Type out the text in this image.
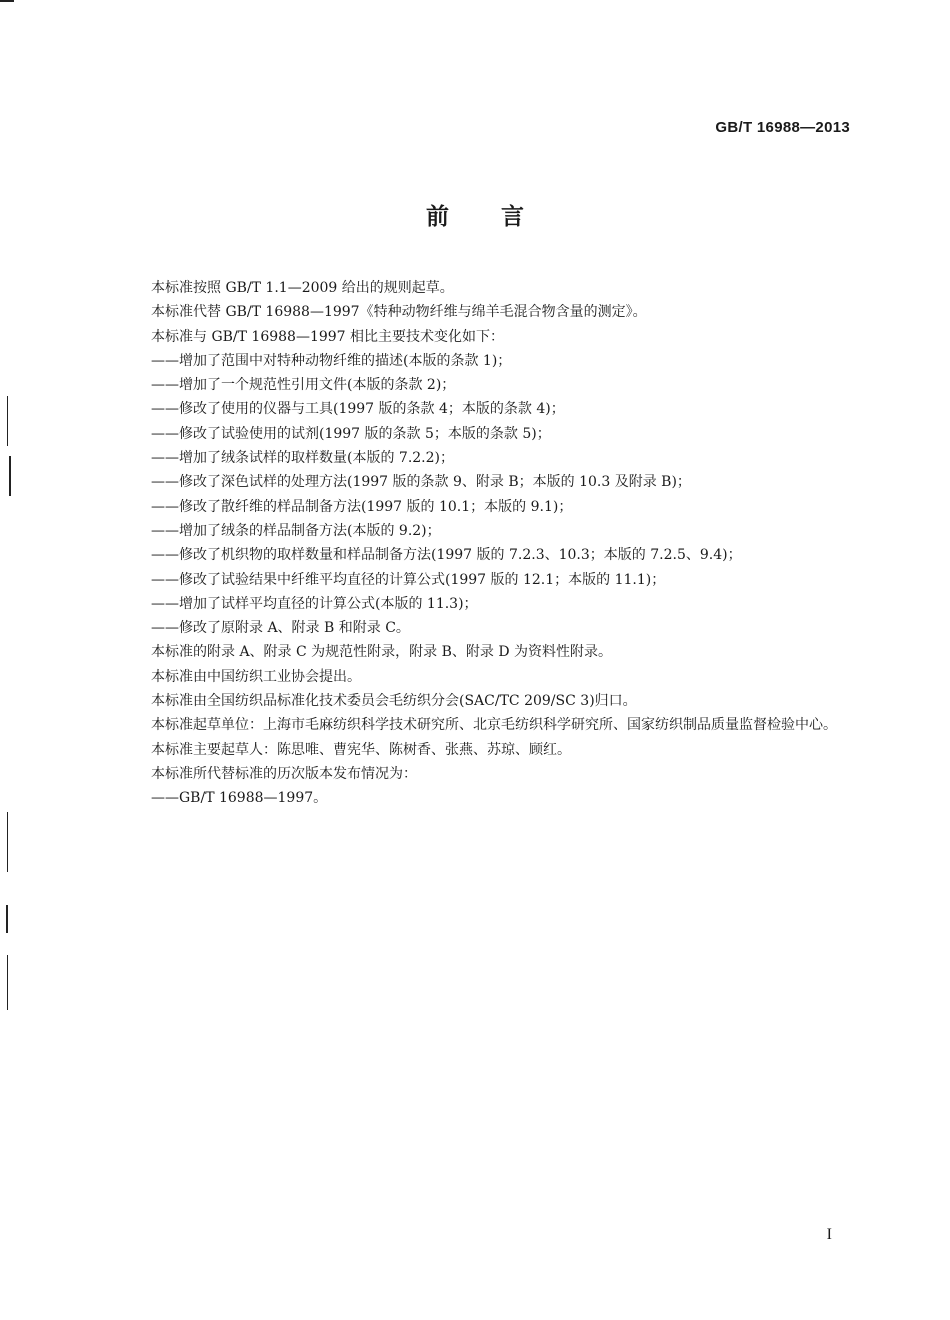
GB/T 16988—2013
前言

本标准按照 GB/T 1.1—2009 给出的规则起草。

本标准代替 GB/T 16988—1997《特种动物纤维与绵羊毛混合物含量的测定》。

本标准与 GB/T 16988—1997 相比主要技术变化如下：

——增加了范围中对特种动物纤维的描述(本版的条款 1)；

——增加了一个规范性引用文件(本版的条款 2)；

——修改了使用的仪器与工具(1997 版的条款 4；本版的条款 4)；

——修改了试验使用的试剂(1997 版的条款 5；本版的条款 5)；

——增加了绒条试样的取样数量(本版的 7.2.2)；

——修改了深色试样的处理方法(1997 版的条款 9、附录 B；本版的 10.3 及附录 B)；

——修改了散纤维的样品制备方法(1997 版的 10.1；本版的 9.1)；

——增加了绒条的样品制备方法(本版的 9.2)；

——修改了机织物的取样数量和样品制备方法(1997 版的 7.2.3、10.3；本版的 7.2.5、9.4)；

——修改了试验结果中纤维平均直径的计算公式(1997 版的 12.1；本版的 11.1)；

——增加了试样平均直径的计算公式(本版的 11.3)；

——修改了原附录 A、附录 B 和附录 C。

本标准的附录 A、附录 C 为规范性附录，附录 B、附录 D 为资料性附录。

本标准由中国纺织工业协会提出。

本标准由全国纺织品标准化技术委员会毛纺织分会(SAC/TC 209/SC 3)归口。

本标准起草单位：上海市毛麻纺织科学技术研究所、北京毛纺织科学研究所、国家纺织制品质量监督检验中心。

本标准主要起草人：陈思唯、曹宪华、陈树香、张燕、苏琼、顾红。

本标准所代替标准的历次版本发布情况为：

——GB/T 16988—1997。

I
